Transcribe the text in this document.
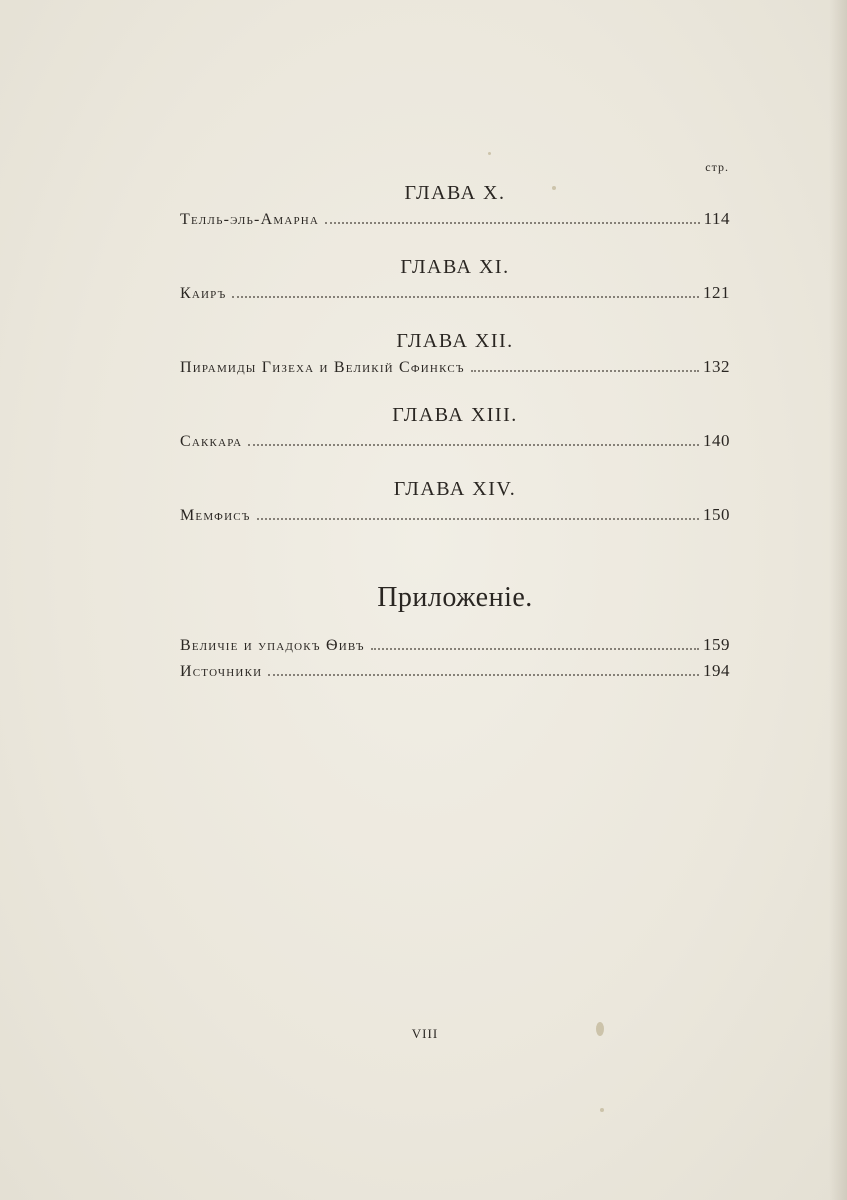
стр.
ГЛАВА X.
Телль-эль-Амарна	114
ГЛАВА XI.
Каиръ	121
ГЛАВА XII.
Пирамиды Гизеха и Великій Сфинксъ	132
ГЛАВА XIII.
Саккара	140
ГЛАВА XIV.
Мемфисъ	150
Приложеніе.
Величіе и упадокъ Ѳивъ	159
Источники	194
VIII
